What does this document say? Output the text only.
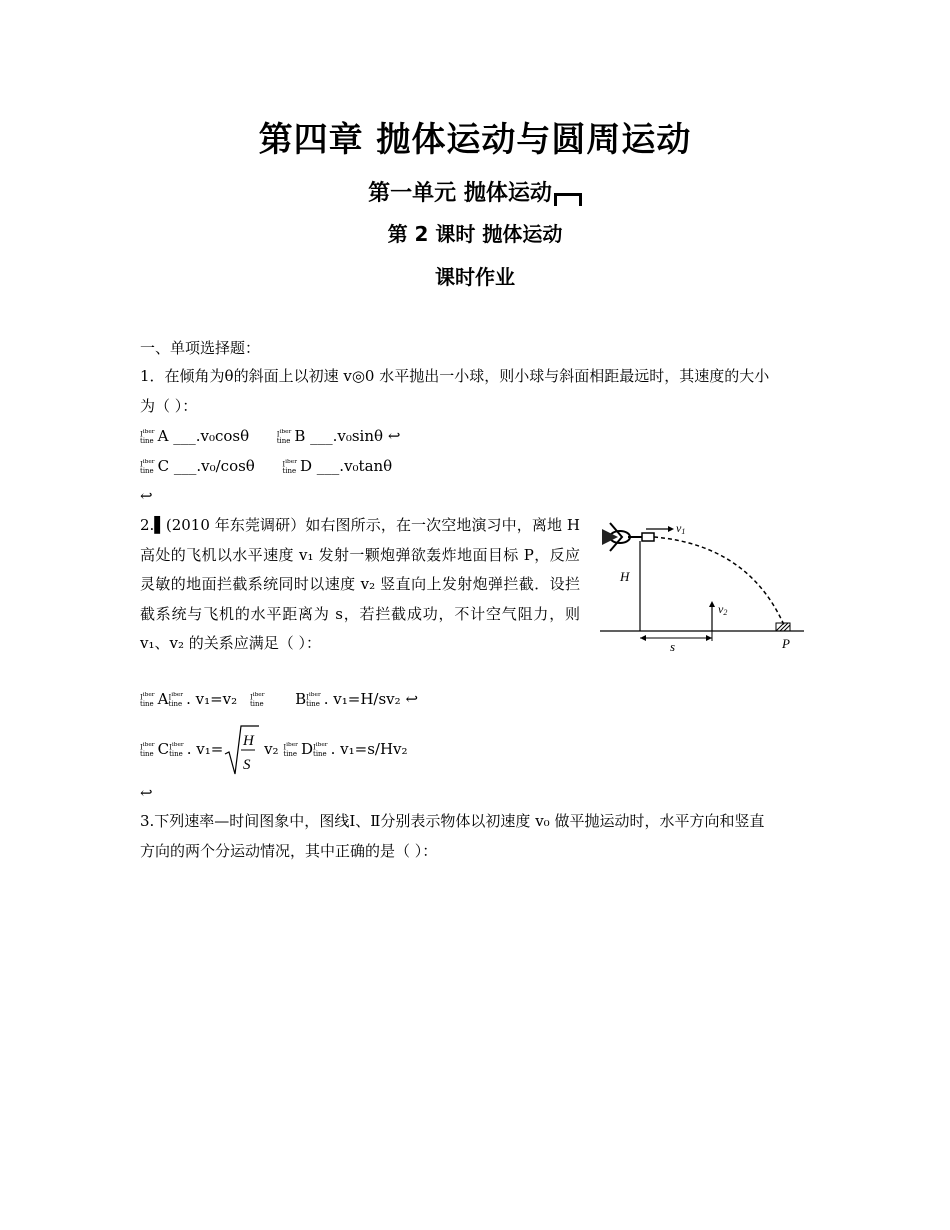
第四章 抛体运动与圆周运动
第一单元 抛体运动
第 2 课时 抛体运动
课时作业
一、单项选择题：
1．在倾角为θ的斜面上以初速 v◎0 水平抛出一小球，则小球与斜面相距最远时，其速度的大小
为（ ）：
Ⅰ$^{iber}$
tine A ___.v₀cosθ	Ⅰ$^{iber}$
tine B ___.v₀sinθ ↩
Ⅰ$^{iber}$
tine C ___.v₀/cosθ	Ⅰ$^{iber}$
tine D ___.v₀tanθ
↩
2.▌(2010 年东莞调研）如右图所示，在一次空地演习中，离地 H 高处的飞机以水平速度 v₁ 发射一颗炮弹欲轰炸地面目标 P，反应灵敏的地面拦截系统同时以速度 v₂ 竖直向上发射炮弹拦截．设拦截系统与飞机的水平距离为 s，若拦截成功，不计空气阻力，则 v₁、v₂ 的关系应满足（ ）：
v1
H
P
v2
s
Ⅰ$^{iber}$
tine AⅠ$^{iber}$
tine . v₁=v₂ Ⅰ$^{iber}$
tine BⅠ$^{iber}$
tine . v₁=H/sv₂ ↩
Ⅰ$^{iber}$
tine CⅠ$^{iber}$
tine . v₁= H
S
v₂ Ⅰ$^{iber}$
tine DⅠ$^{iber}$
tine . v₁=s/Hv₂
↩
3.下列速率—时间图象中，图线Ⅰ、Ⅱ分别表示物体以初速度 v₀ 做平抛运动时，水平方向和竖直
方向的两个分运动情况，其中正确的是（ ）：
